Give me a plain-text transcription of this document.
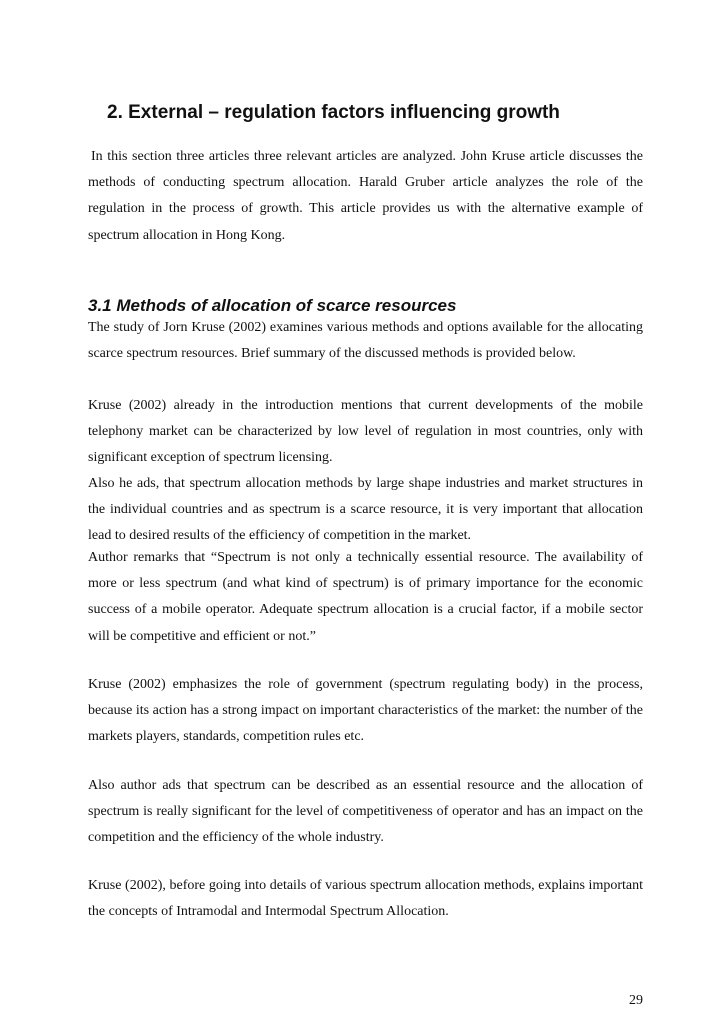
2. External – regulation factors influencing growth

In this section three articles three relevant articles are analyzed. John Kruse article discusses the methods of conducting spectrum allocation. Harald Gruber article analyzes the role of the regulation in the process of growth. This article provides us with the alternative example of spectrum allocation in Hong Kong.

3.1 Methods of allocation of scarce resources

The study of Jorn Kruse (2002) examines various methods and options available for the allocating scarce spectrum resources. Brief summary of the discussed methods is provided below.

Kruse (2002) already in the introduction mentions that current developments of the mobile telephony market can be characterized by low level of regulation in most countries, only with significant exception of spectrum licensing.

Also he ads, that spectrum allocation methods by large shape industries and market structures in the individual countries and as spectrum is a scarce resource, it is very important that allocation lead to desired results of the efficiency of competition in the market.

Author remarks that “Spectrum is not only a technically essential resource. The availability of more or less spectrum (and what kind of spectrum) is of primary importance for the economic success of a mobile operator. Adequate spectrum allocation is a crucial factor, if a mobile sector will be competitive and efficient or not.”

Kruse (2002) emphasizes the role of government (spectrum regulating body) in the process, because its action has a strong impact on important characteristics of the market: the number of the markets players, standards, competition rules etc.

Also author ads that spectrum can be described as an essential resource and the allocation of spectrum is really significant for the level of competitiveness of operator and has an impact on the competition and the efficiency of the whole industry.

Kruse (2002), before going into details of various spectrum allocation methods, explains important the concepts of Intramodal and Intermodal Spectrum Allocation.

29
